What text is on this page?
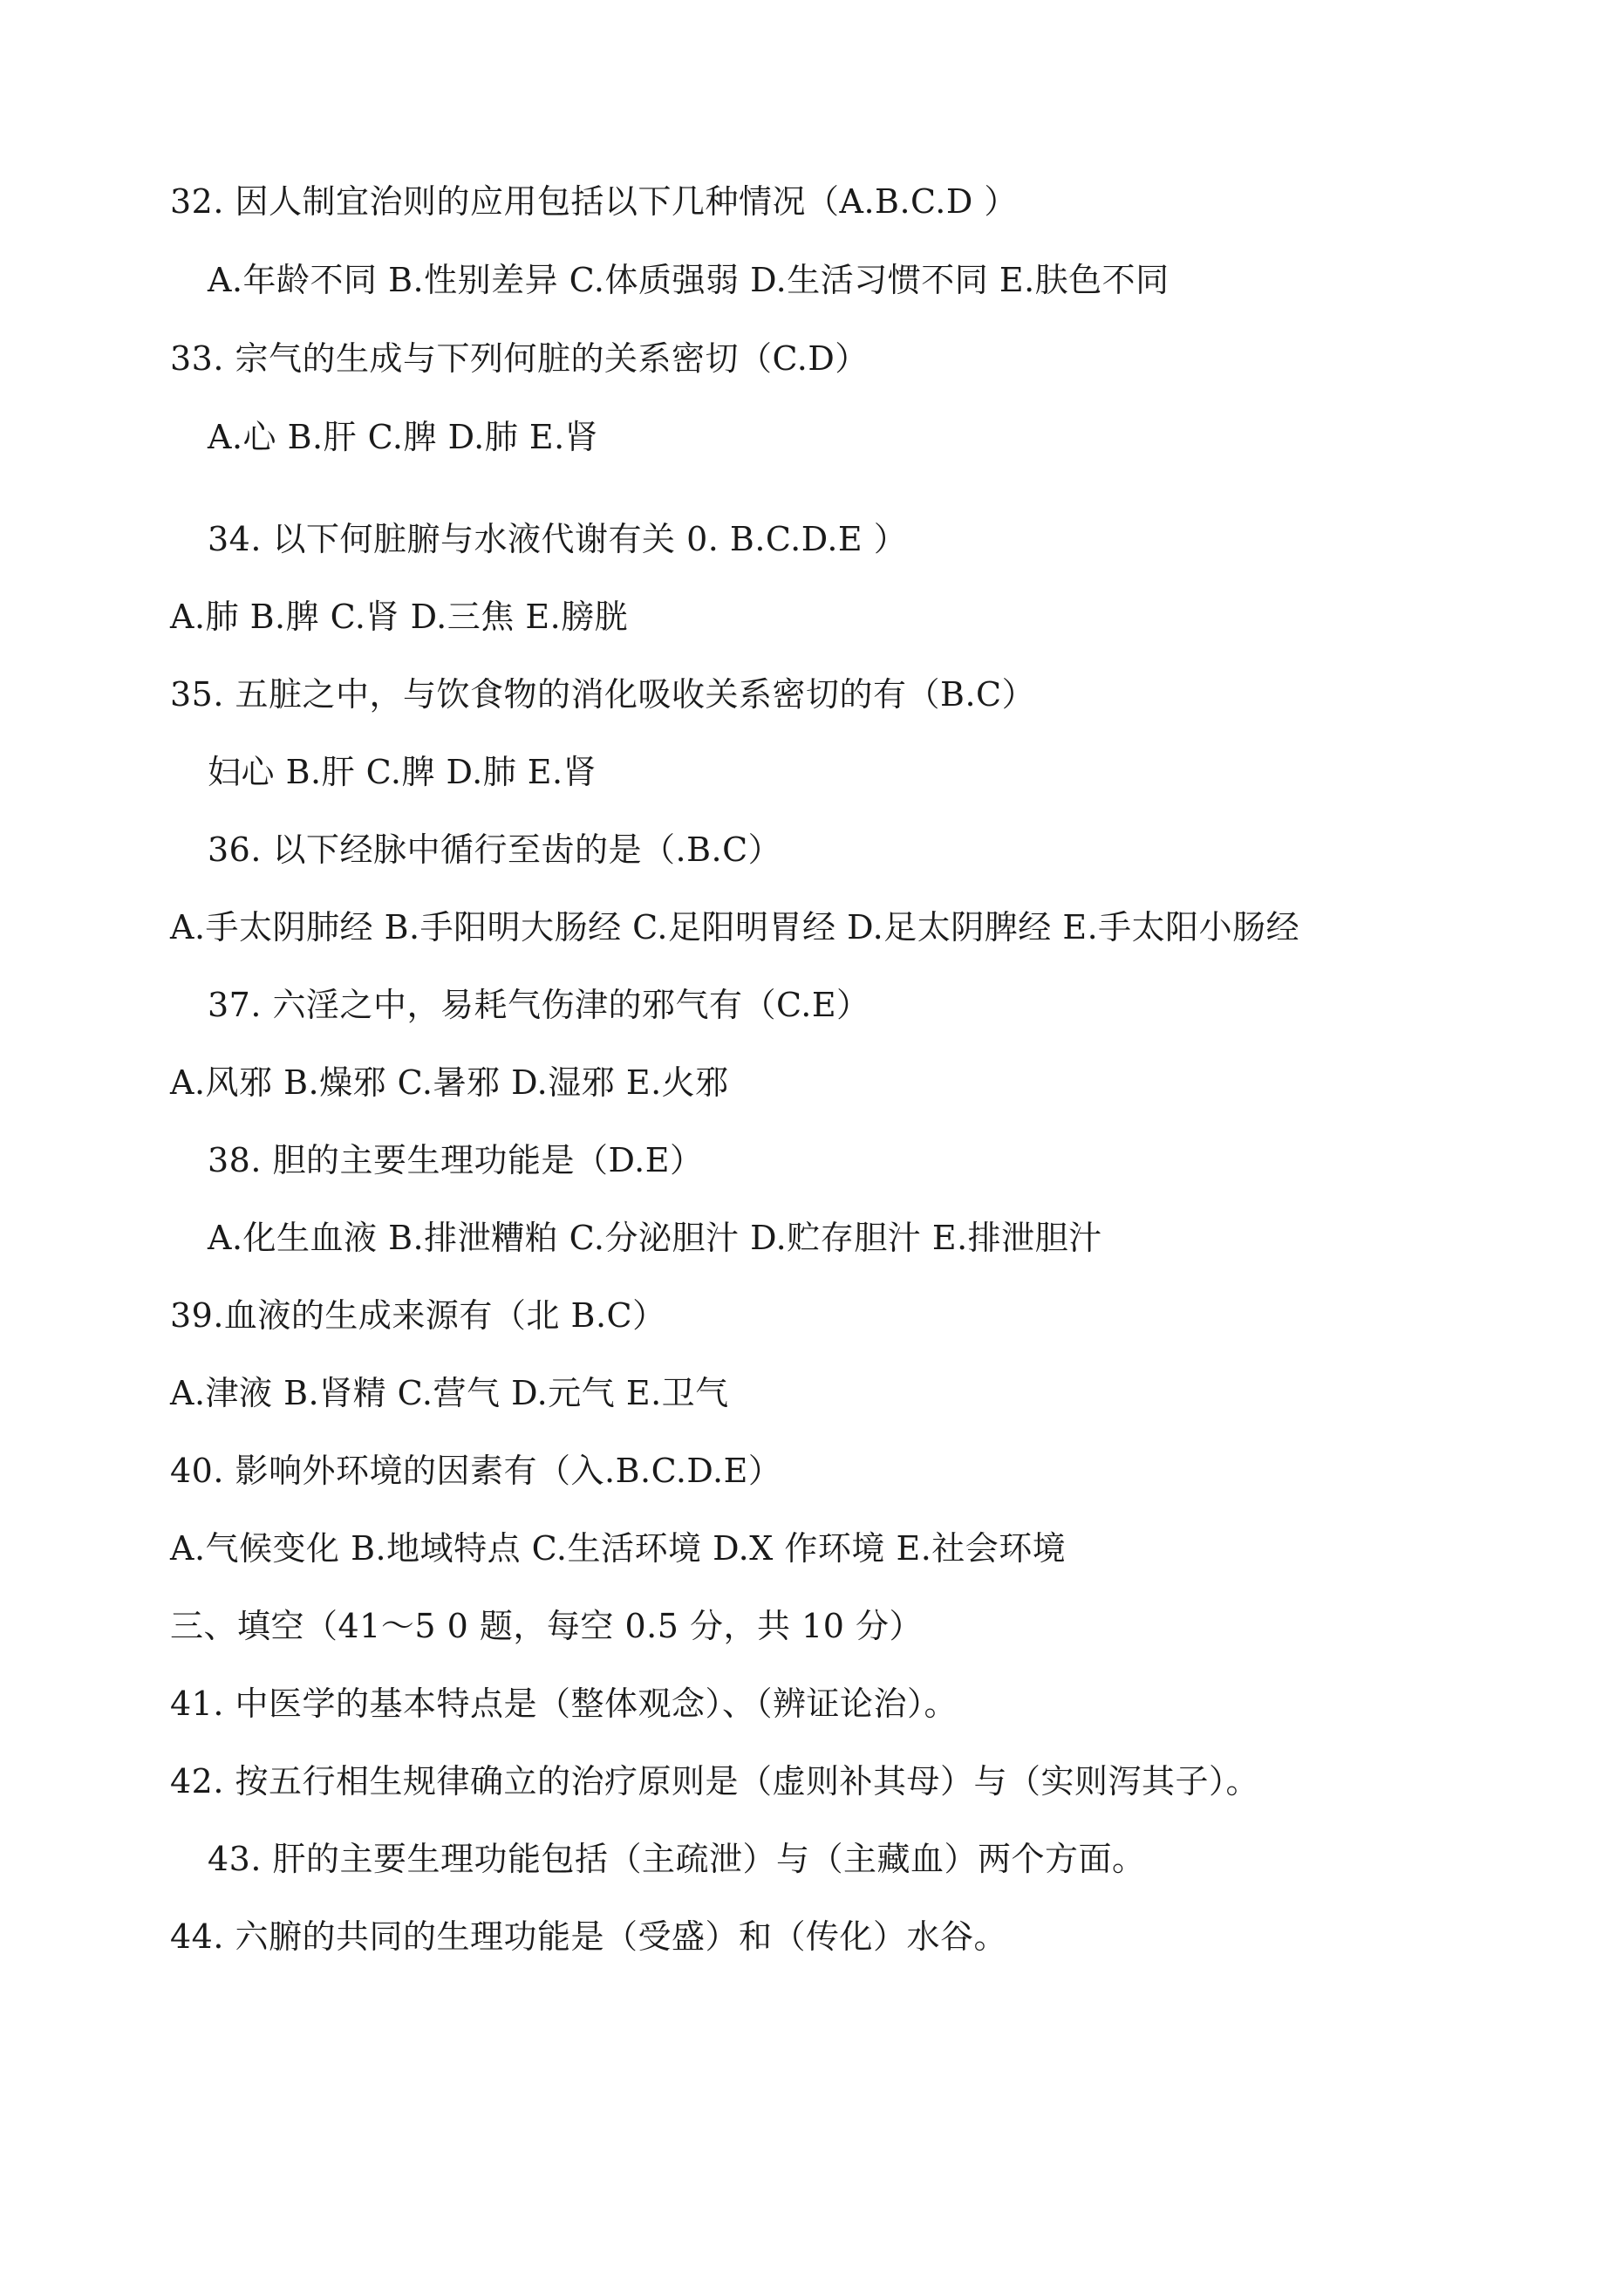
32. 因人制宜治则的应用包括以下几种情况（A.B.C.D ）
A.年龄不同 B.性别差异 C.体质强弱 D.生活习惯不同 E.肤色不同
33. 宗气的生成与下列何脏的关系密切（C.D）
A.心 B.肝 C.脾 D.肺 E.肾
34. 以下何脏腑与水液代谢有关 0. B.C.D.E ）
A.肺 B.脾 C.肾 D.三焦 E.膀胱
35. 五脏之中，与饮食物的消化吸收关系密切的有（B.C）
妇心 B.肝 C.脾 D.肺 E.肾
36. 以下经脉中循行至齿的是（.B.C）
A.手太阴肺经 B.手阳明大肠经 C.足阳明胃经 D.足太阴脾经 E.手太阳小肠经
37. 六淫之中，易耗气伤津的邪气有（C.E）
A.风邪 B.燥邪 C.暑邪 D.湿邪 E.火邪
38. 胆的主要生理功能是（D.E）
A.化生血液 B.排泄糟粕 C.分泌胆汁 D.贮存胆汁 E.排泄胆汁
39.血液的生成来源有（北 B.C）
A.津液 B.肾精 C.营气 D.元气 E.卫气
40. 影响外环境的因素有（入.B.C.D.E）
A.气候变化 B.地域特点 C.生活环境 D.X 作环境 E.社会环境
三、填空（41〜5 0 题，每空 0.5 分，共 10 分）
41. 中医学的基本特点是（整体观念）、（辨证论治）。
42. 按五行相生规律确立的治疗原则是（虚则补其母）与（实则泻其子）。
43. 肝的主要生理功能包括（主疏泄）与（主藏血）两个方面。
44. 六腑的共同的生理功能是（受盛）和（传化）水谷。
